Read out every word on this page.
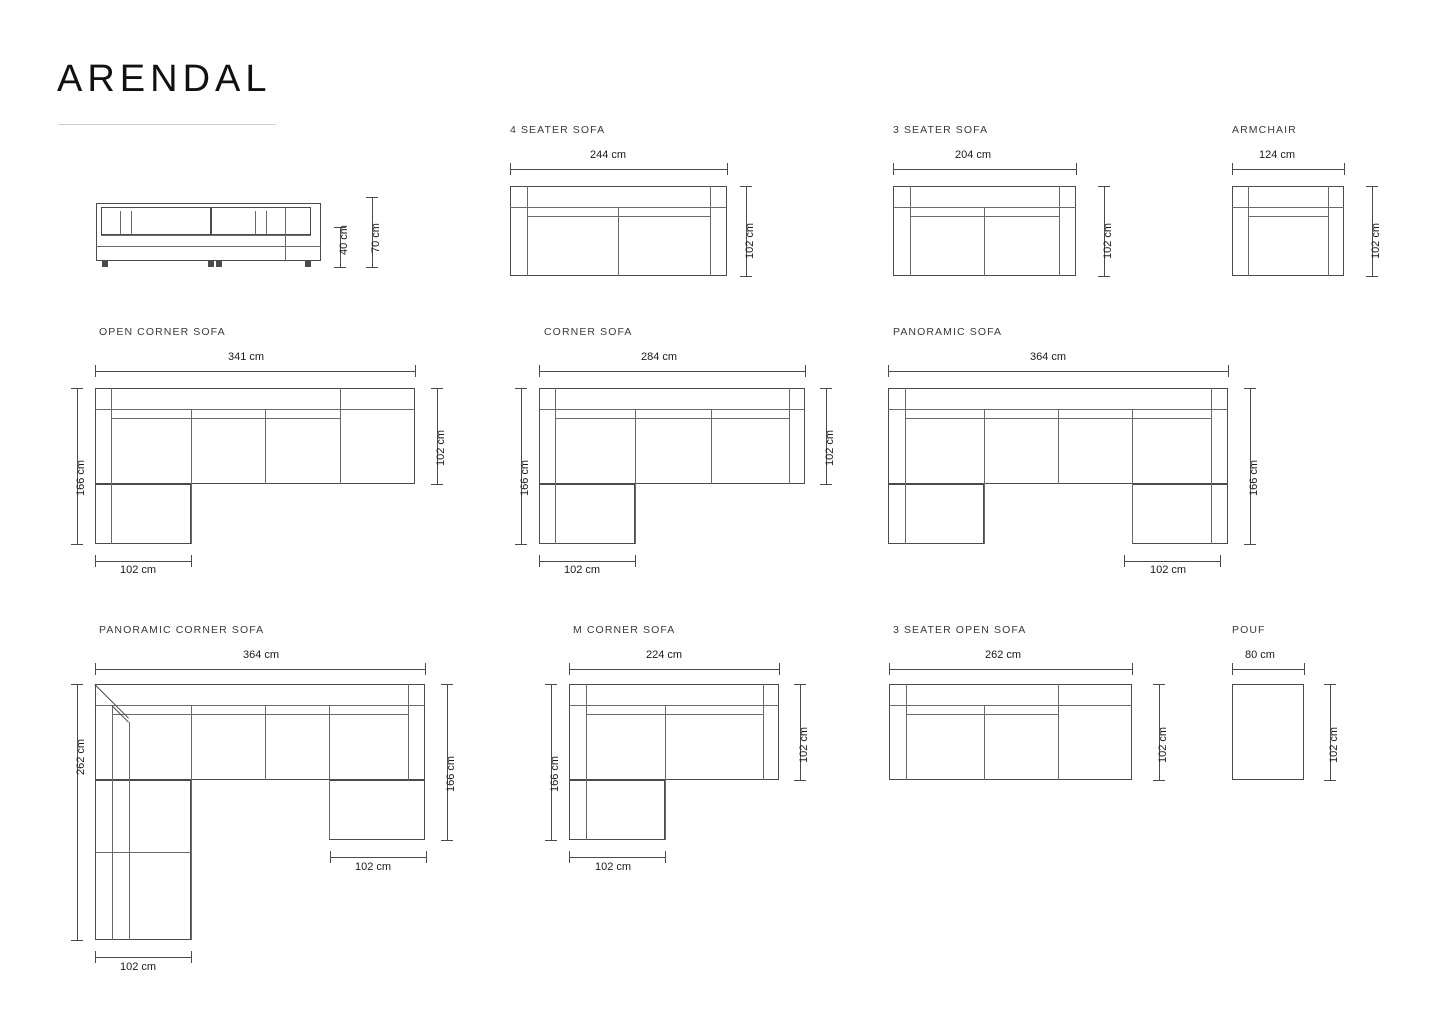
ARENDAL
70 cm
40 cm
4 SEATER SOFA
244 cm
102 cm
3 SEATER SOFA
204 cm
102 cm
ARMCHAIR
124 cm
102 cm
OPEN CORNER SOFA
341 cm
102 cm
166 cm
102 cm
CORNER SOFA
284 cm
102 cm
166 cm
102 cm
PANORAMIC SOFA
364 cm
166 cm
102 cm
PANORAMIC CORNER SOFA
364 cm
262 cm	166 cm
102 cm
102 cm
M CORNER SOFA
224 cm
102 cm
166 cm
102 cm
3 SEATER OPEN SOFA
262 cm
102 cm
POUF
80 cm
102 cm
